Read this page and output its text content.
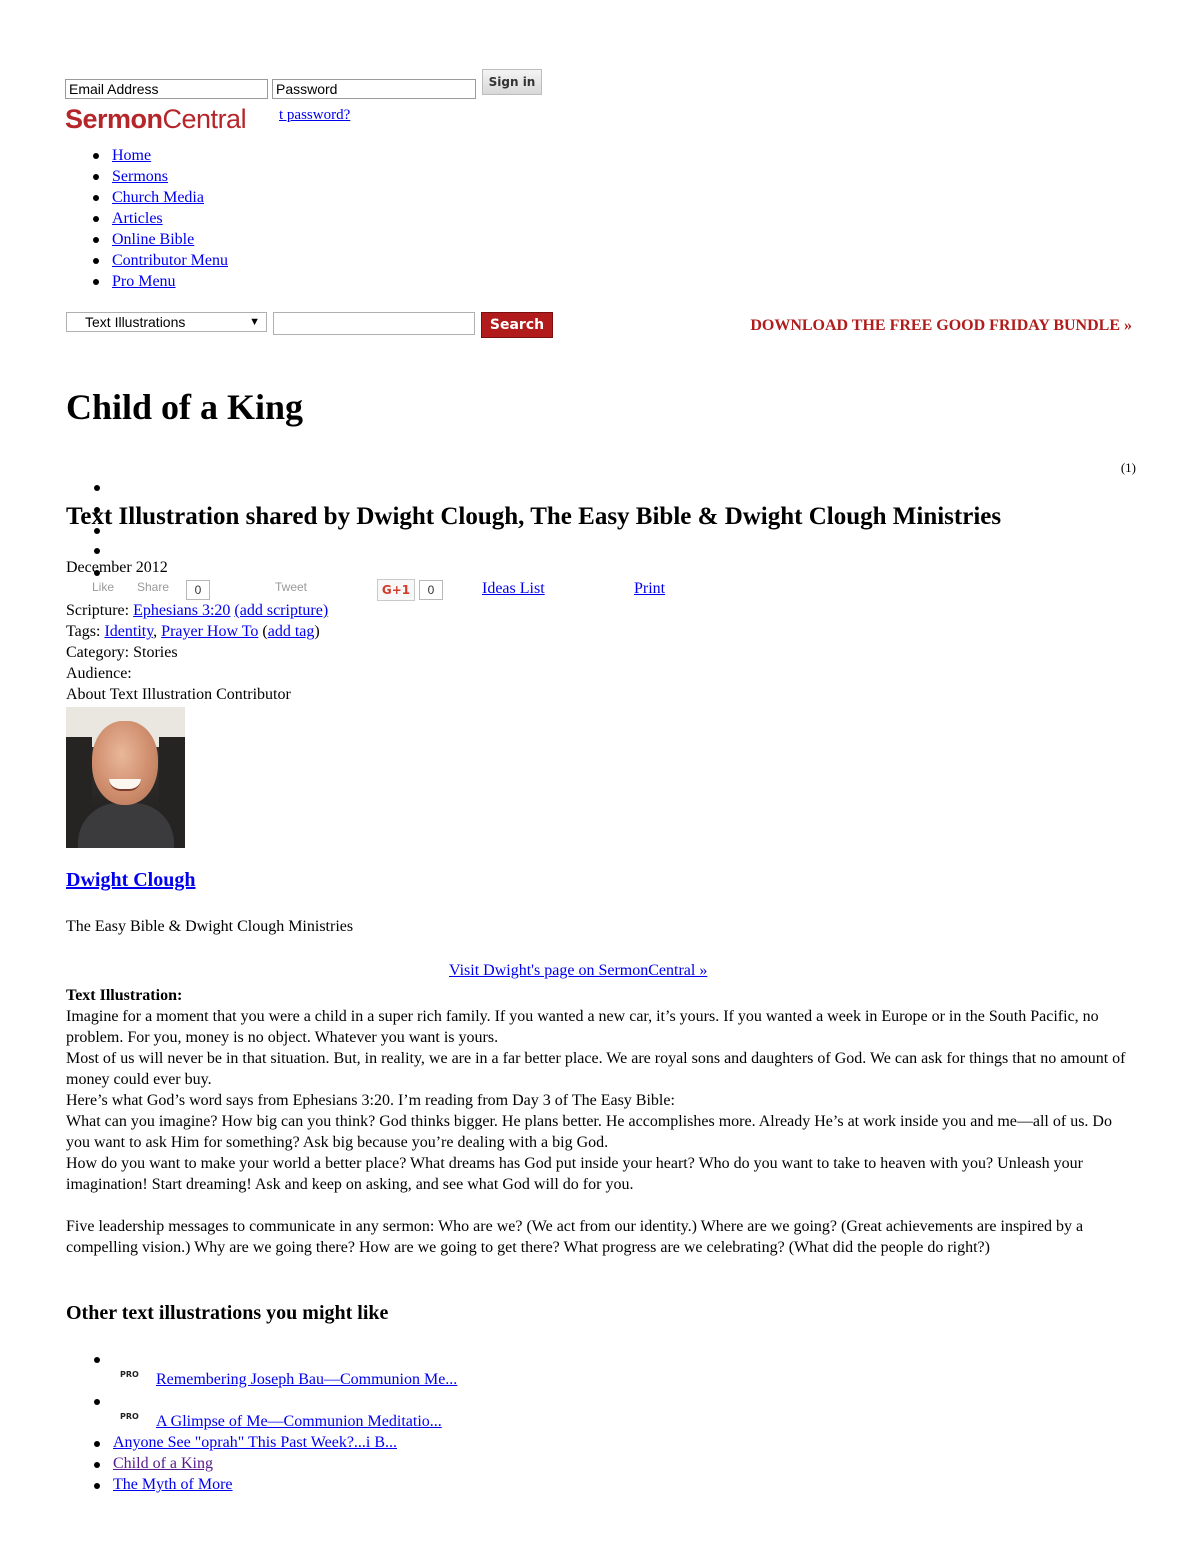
Email Address	Password	Sign in
SermonCentral t password?
Home
Sermons
Church Media
Articles
Online Bible
Contributor Menu
Pro Menu
Text Illustrations	▼	Search	DOWNLOAD THE FREE GOOD FRIDAY BUNDLE »
Child of a King
(1)
Text Illustration shared by Dwight Clough, The Easy Bible & Dwight Clough Ministries
December 2012
Like Share	0	Tweet	G+1	0	Ideas List	Print
Scripture: Ephesians 3:20 (add scripture)
Tags: Identity, Prayer How To (add tag)
Category: Stories
Audience:
About Text Illustration Contributor
Dwight Clough
The Easy Bible & Dwight Clough Ministries
Visit Dwight's page on SermonCentral »

Text Illustration:

Imagine for a moment that you were a child in a super rich family. If you wanted a new car, it’s yours. If you wanted a week in Europe or in the South Pacific, no problem. For you, money is no object. Whatever you want is yours.

Most of us will never be in that situation. But, in reality, we are in a far better place. We are royal sons and daughters of God. We can ask for things that no amount of money could ever buy.

Here’s what God’s word says from Ephesians 3:20. I’m reading from Day 3 of The Easy Bible:

What can you imagine? How big can you think? God thinks bigger. He plans better. He accomplishes more. Already He’s at work inside you and me—all of us. Do you want to ask Him for something? Ask big because you’re dealing with a big God.

How do you want to make your world a better place? What dreams has God put inside your heart? Who do you want to take to heaven with you? Unleash your imagination! Start dreaming! Ask and keep on asking, and see what God will do for you.

Five leadership messages to communicate in any sermon: Who are we? (We act from our identity.) Where are we going? (Great achievements are inspired by a compelling vision.) Why are we going there? How are we going to get there? What progress are we celebrating? (What did the people do right?)

Other text illustrations you might like
PRO Remembering Joseph Bau—Communion Me...
PRO A Glimpse of Me—Communion Meditatio...
Anyone See "oprah" This Past Week?...i B...
Child of a King
The Myth of More
